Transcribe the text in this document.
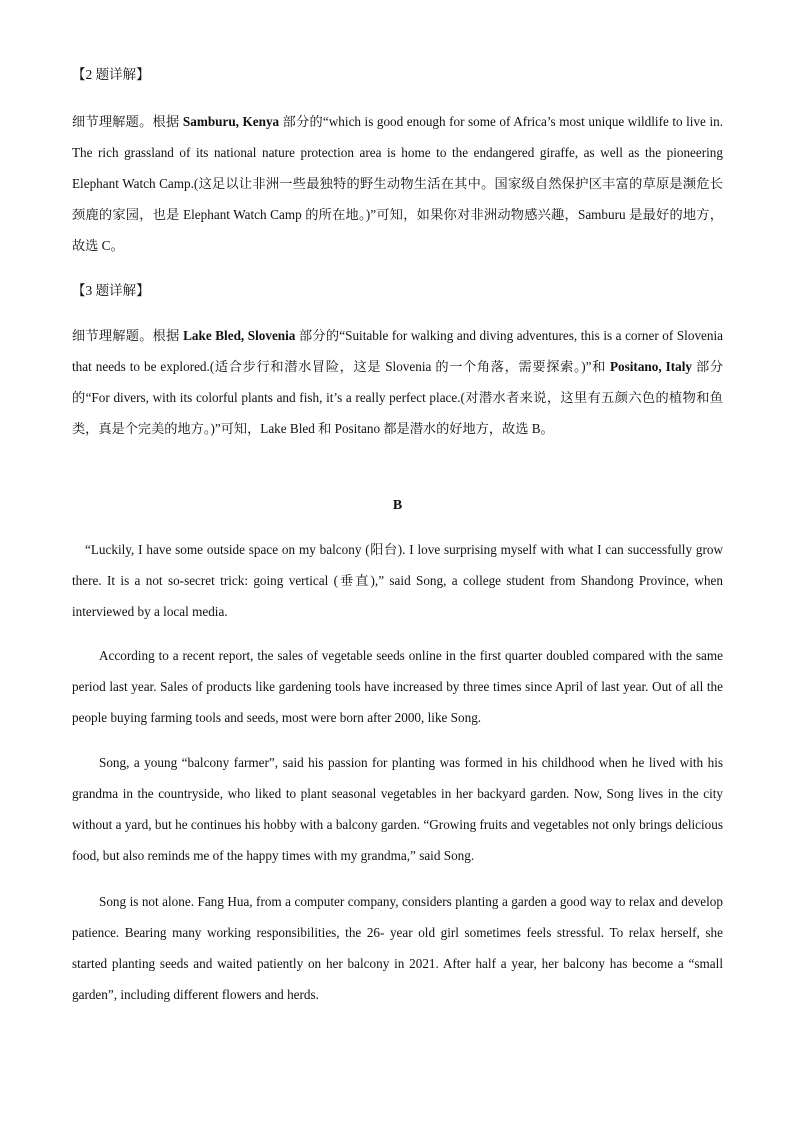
【2 题详解】

细节理解题。根据 Samburu, Kenya 部分的“which is good enough for some of Africa’s most unique wildlife to live in. The rich grassland of its national nature protection area is home to the endangered giraffe, as well as the pioneering Elephant Watch Camp.(这足以让非洲一些最独特的野生动物生活在其中。国家级自然保护区丰富的草原是濒危长颈鹿的家园，也是 Elephant Watch Camp 的所在地。)”可知，如果你对非洲动物感兴趣，Samburu 是最好的地方，故选 C。

【3 题详解】

细节理解题。根据 Lake Bled, Slovenia 部分的“Suitable for walking and diving adventures, this is a corner of Slovenia that needs to be explored.(适合步行和潜水冒险，这是 Slovenia 的一个角落，需要探索。)”和 Positano, Italy 部分的“For divers, with its colorful plants and fish, it’s a really perfect place.(对潜水者来说，这里有五颜六色的植物和鱼类，真是个完美的地方。)”可知，Lake Bled 和 Positano 都是潜水的好地方，故选 B。

B

“Luckily, I have some outside space on my balcony (阳台). I love surprising myself with what I can successfully grow there. It is a not so-secret trick: going vertical (垂直),” said Song, a college student from Shandong Province, when interviewed by a local media.

According to a recent report, the sales of vegetable seeds online in the first quarter doubled compared with the same period last year. Sales of products like gardening tools have increased by three times since April of last year. Out of all the people buying farming tools and seeds, most were born after 2000, like Song.

Song, a young “balcony farmer”, said his passion for planting was formed in his childhood when he lived with his grandma in the countryside, who liked to plant seasonal vegetables in her backyard garden. Now, Song lives in the city without a yard, but he continues his hobby with a balcony garden. “Growing fruits and vegetables not only brings delicious food, but also reminds me of the happy times with my grandma,” said Song.

Song is not alone. Fang Hua, from a computer company, considers planting a garden a good way to relax and develop patience. Bearing many working responsibilities, the 26- year old girl sometimes feels stressful. To relax herself, she started planting seeds and waited patiently on her balcony in 2021. After half a year, her balcony has become a “small garden”, including different flowers and herds.
